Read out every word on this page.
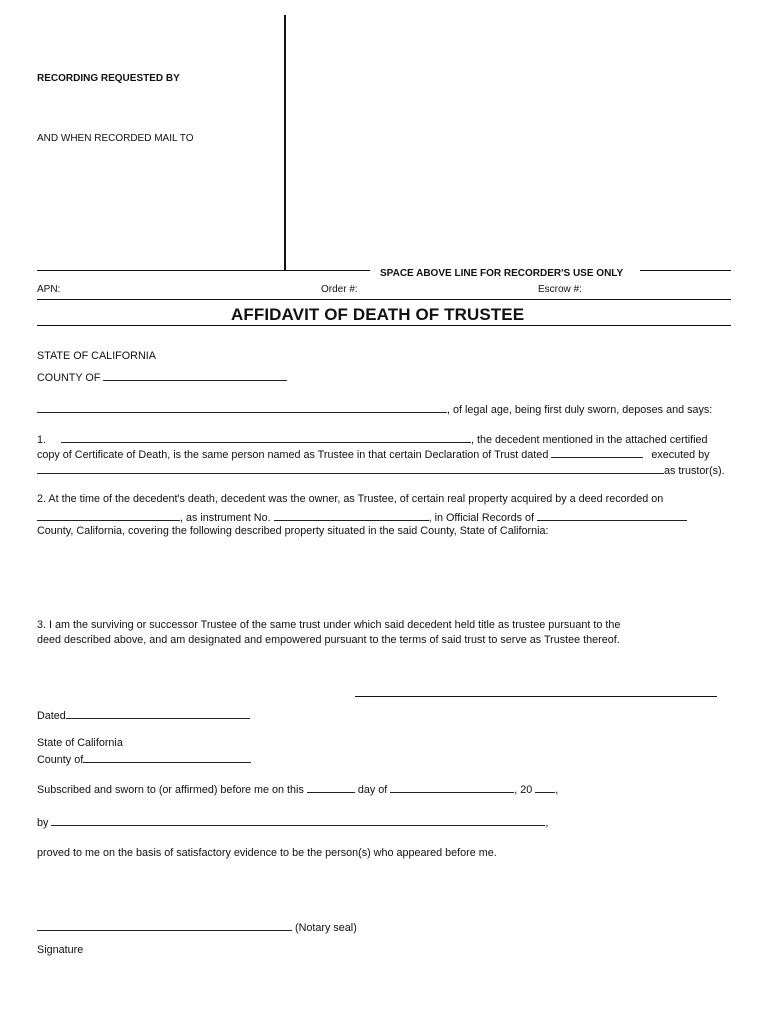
RECORDING REQUESTED BY
AND WHEN RECORDED MAIL TO
SPACE ABOVE LINE FOR RECORDER'S USE ONLY
APN:	Order #:	Escrow #:
AFFIDAVIT OF DEATH OF TRUSTEE
STATE OF CALIFORNIA
COUNTY OF
, of legal age, being first duly sworn, deposes and says:
1.	, the decedent mentioned in the attached certified
copy of Certificate of Death, is the same person named as Trustee in that certain Declaration of Trust dated	executed by
as trustor(s).
2. At the time of the decedent's death, decedent was the owner, as Trustee, of certain real property acquired by a deed recorded on
, as instrument No.	, in Official Records of
County, California, covering the following described property situated in the said County, State of California:
3. I am the surviving or successor Trustee of the same trust under which said decedent held title as trustee pursuant to the
deed described above, and am designated and empowered pursuant to the terms of said trust to serve as Trustee thereof.
Dated
State of California
County of
Subscribed and sworn to (or affirmed) before me on this	day of	, 20 ,
by	,
proved to me on the basis of satisfactory evidence to be the person(s) who appeared before me.
(Notary seal)
Signature
